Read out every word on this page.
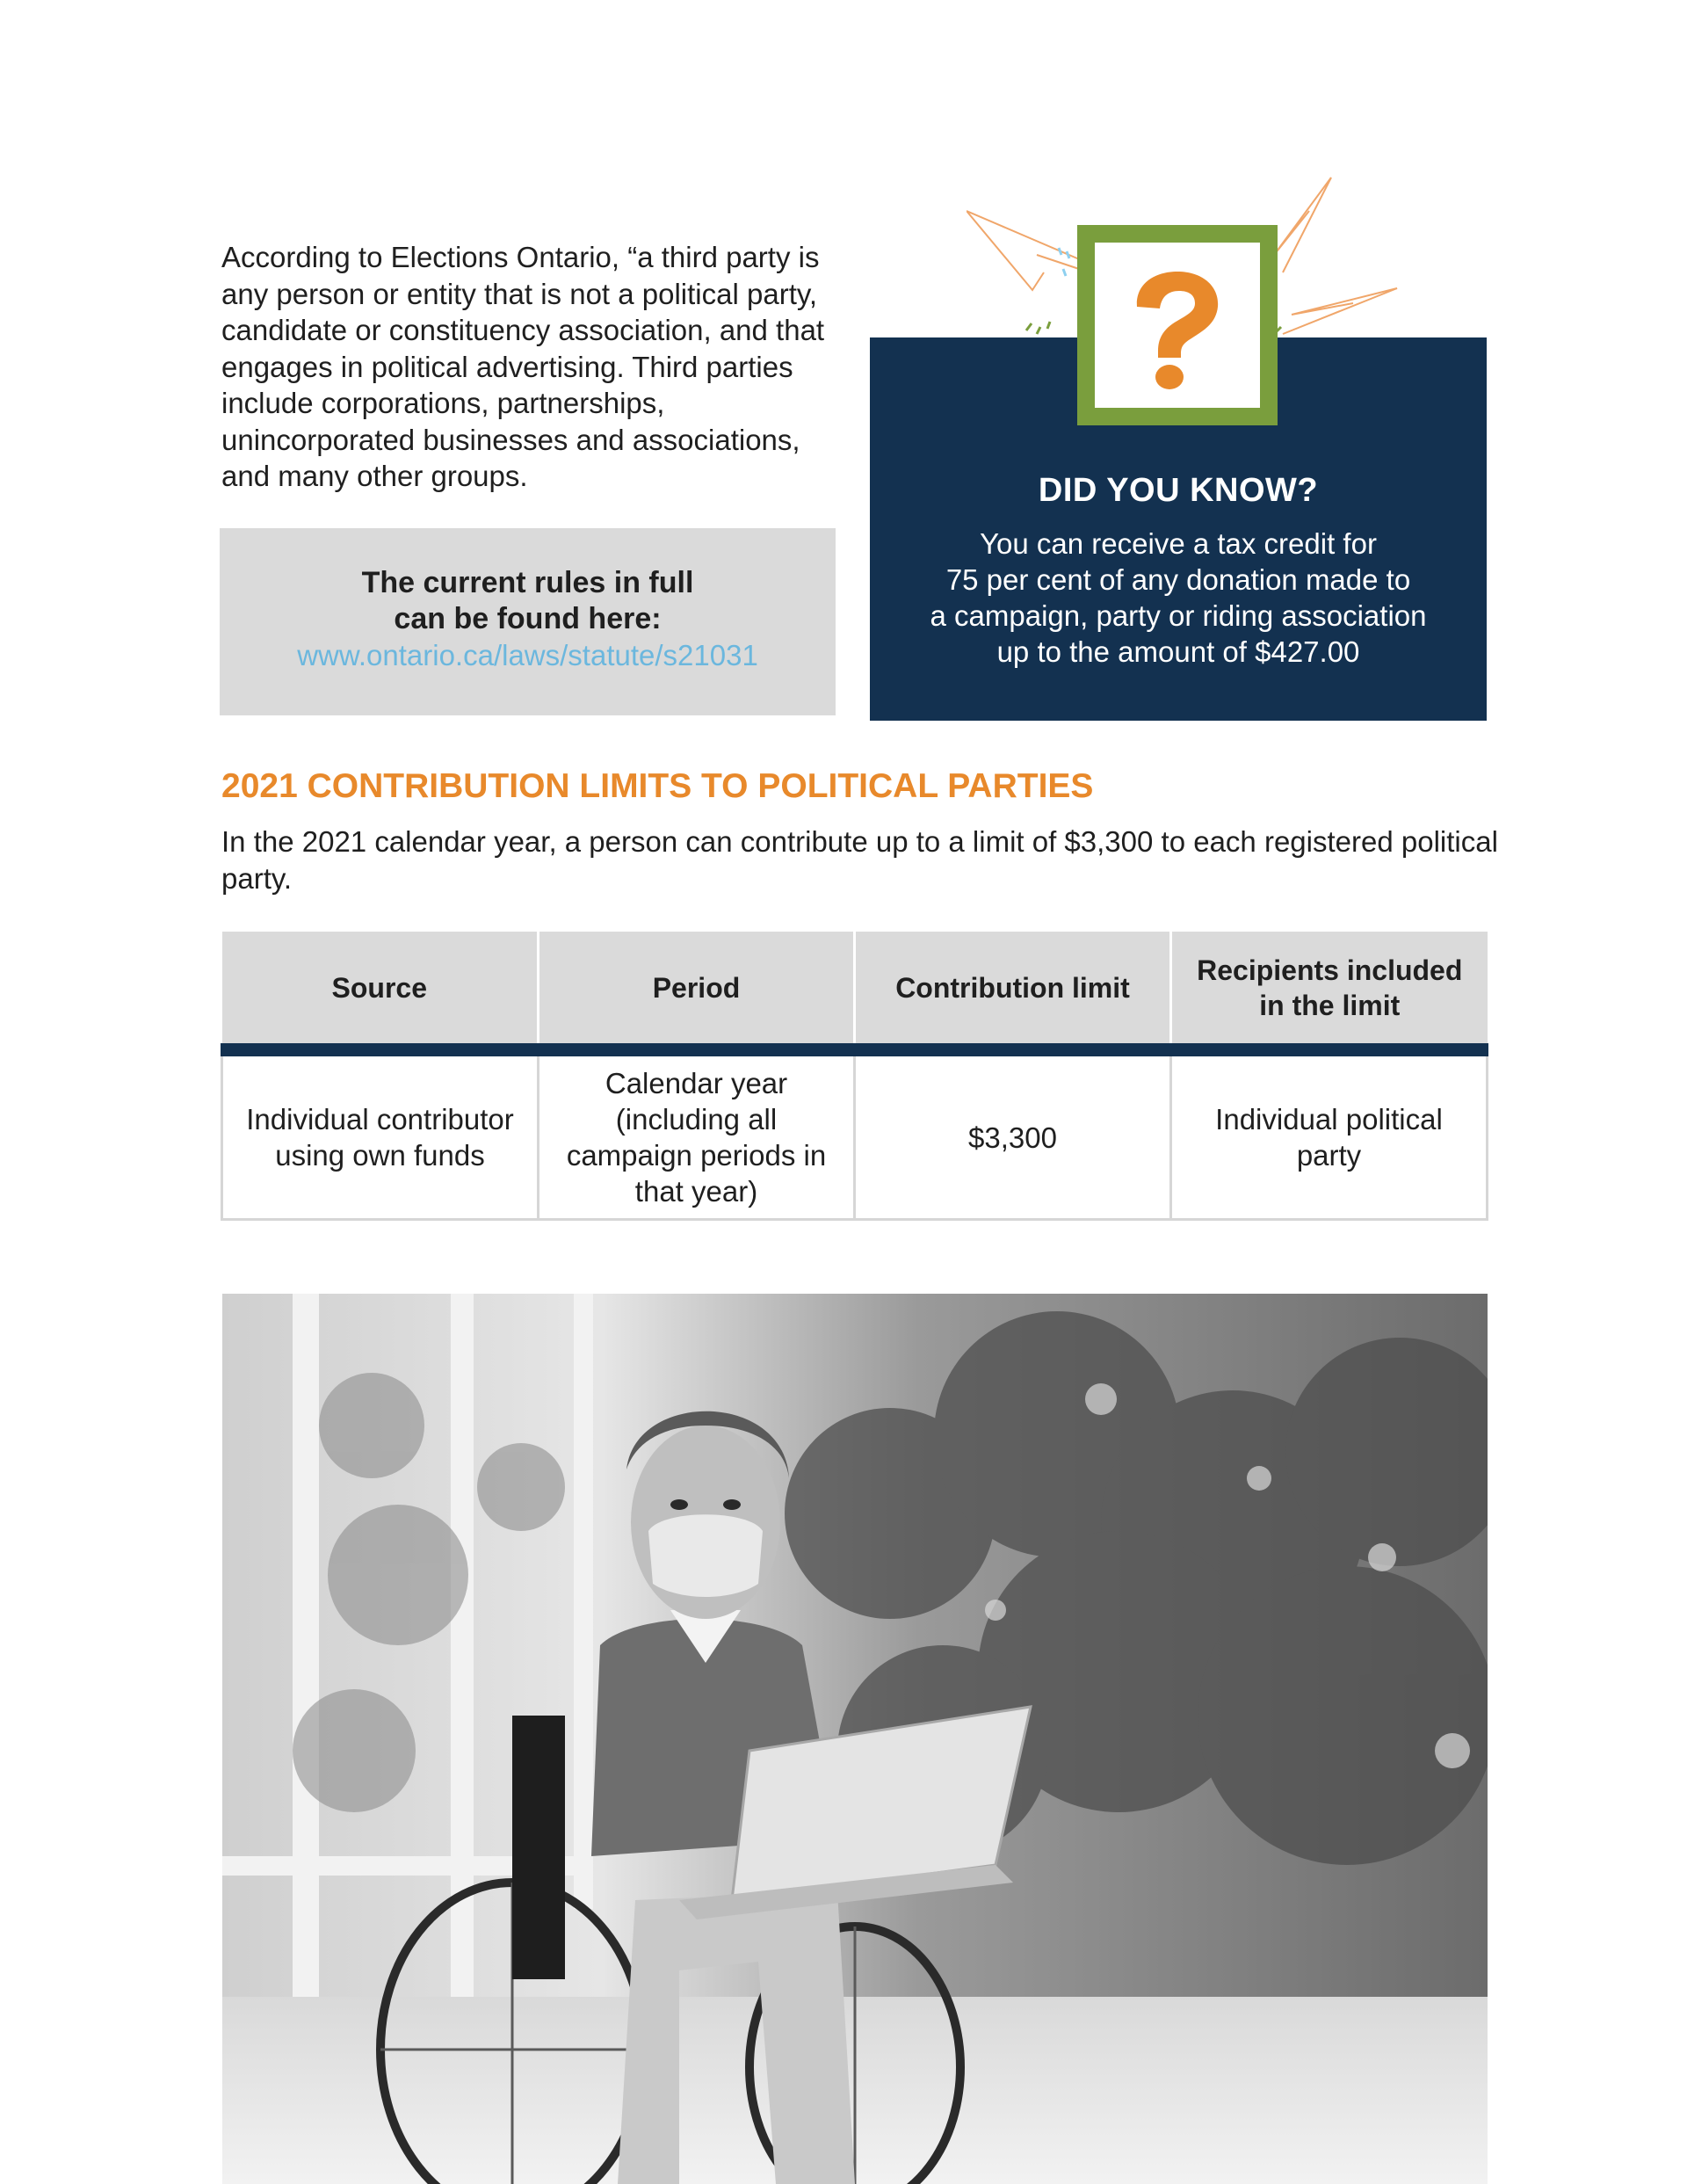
According to Elections Ontario, “a third party is any person or entity that is not a political party, candidate or constituency association, and that engages in political advertising. Third parties include corporations, partnerships, unincorporated businesses and associations, and many other groups.

The current rules in full
can be found here:
www.ontario.ca/laws/statute/s21031
DID YOU KNOW?
You can receive a tax credit for
75 per cent of any donation made to
a campaign, party or riding association
up to the amount of $427.00
2021 CONTRIBUTION LIMITS TO POLITICAL PARTIES

In the 2021 calendar year, a person can contribute up to a limit of $3,300 to each registered political party.

Source	Period	Contribution limit	Recipients included in the limit
Individual contributor using own funds	Calendar year (including all campaign periods in that year)	$3,300	Individual political party
